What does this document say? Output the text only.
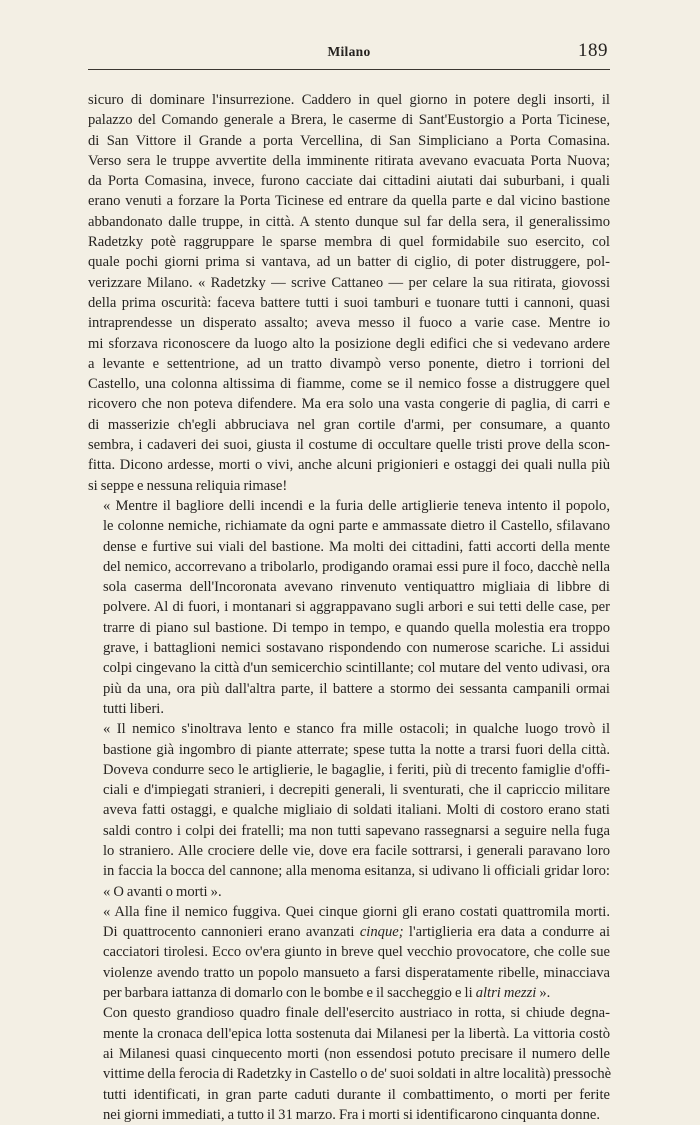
Milano	189

sicuro di dominare l'insurrezione. Caddero in quel giorno in potere degli insorti, il
palazzo del Comando generale a Brera, le caserme di Sant'Eustorgio a Porta Ticinese,
di San Vittore il Grande a porta Vercellina, di San Simpliciano a Porta Comasina.
Verso sera le truppe avvertite della imminente ritirata avevano evacuata Porta Nuova;
da Porta Comasina, invece, furono cacciate dai cittadini aiutati dai suburbani, i quali
erano venuti a forzare la Porta Ticinese ed entrare da quella parte e dal vicino bastione
abbandonato dalle truppe, in città. A stento dunque sul far della sera, il generalissimo
Radetzky potè raggruppare le sparse membra di quel formidabile suo esercito, col
quale pochi giorni prima si vantava, ad un batter di ciglio, di poter distruggere, pol-
verizzare Milano. « Radetzky — scrive Cattaneo — per celare la sua ritirata, giovossi
della prima oscurità: faceva battere tutti i suoi tamburi e tuonare tutti i cannoni, quasi
intraprendesse un disperato assalto; aveva messo il fuoco a varie case. Mentre io
mi sforzava riconoscere da luogo alto la posizione degli edifici che si vedevano ardere
a levante e settentrione, ad un tratto divampò verso ponente, dietro i torrioni del
Castello, una colonna altissima di fiamme, come se il nemico fosse a distruggere quel
ricovero che non poteva difendere. Ma era solo una vasta congerie di paglia, di carri e
di masserizie ch'egli abbruciava nel gran cortile d'armi, per consumare, a quanto
sembra, i cadaveri dei suoi, giusta il costume di occultare quelle tristi prove della scon-
fitta. Dicono ardesse, morti o vivi, anche alcuni prigionieri e ostaggi dei quali nulla più
si seppe e nessuna reliquia rimase!

« Mentre il bagliore delli incendi e la furia delle artiglierie teneva intento il popolo,
le colonne nemiche, richiamate da ogni parte e ammassate dietro il Castello, sfilavano
dense e furtive sui viali del bastione. Ma molti dei cittadini, fatti accorti della mente
del nemico, accorrevano a tribolarlo, prodigando oramai essi pure il foco, dacchè nella
sola caserma dell'Incoronata avevano rinvenuto ventiquattro migliaia di libbre di
polvere. Al di fuori, i montanari si aggrappavano sugli arbori e sui tetti delle case, per
trarre di piano sul bastione. Di tempo in tempo, e quando quella molestia era troppo
grave, i battaglioni nemici sostavano rispondendo con numerose scariche. Li assidui
colpi cingevano la città d'un semicerchio scintillante; col mutare del vento udivasi, ora
più da una, ora più dall'altra parte, il battere a stormo dei sessanta campanili ormai
tutti liberi.

« Il nemico s'inoltrava lento e stanco fra mille ostacoli; in qualche luogo trovò il
bastione già ingombro di piante atterrate; spese tutta la notte a trarsi fuori della città.
Doveva condurre seco le artiglierie, le bagaglie, i feriti, più di trecento famiglie d'offi-
ciali e d'impiegati stranieri, i decrepiti generali, li sventurati, che il capriccio militare
aveva fatti ostaggi, e qualche migliaio di soldati italiani. Molti di costoro erano stati
saldi contro i colpi dei fratelli; ma non tutti sapevano rassegnarsi a seguire nella fuga
lo straniero. Alle crociere delle vie, dove era facile sottrarsi, i generali paravano loro
in faccia la bocca del cannone; alla menoma esitanza, si udivano li officiali gridar loro:
« O avanti o morti ».

« Alla fine il nemico fuggiva. Quei cinque giorni gli erano costati quattromila morti.
Di quattrocento cannonieri erano avanzati cinque; l'artiglieria era data a condurre ai
cacciatori tirolesi. Ecco ov'era giunto in breve quel vecchio provocatore, che colle sue
violenze avendo tratto un popolo mansueto a farsi disperatamente ribelle, minacciava
per barbara iattanza di domarlo con le bombe e il saccheggio e li altri mezzi ».

Con questo grandioso quadro finale dell'esercito austriaco in rotta, si chiude degna-
mente la cronaca dell'epica lotta sostenuta dai Milanesi per la libertà. La vittoria costò
ai Milanesi quasi cinquecento morti (non essendosi potuto precisare il numero delle
vittime della ferocia di Radetzky in Castello o de' suoi soldati in altre località) pressochè
tutti identificati, in gran parte caduti durante il combattimento, o morti per ferite
nei giorni immediati, a tutto il 31 marzo. Fra i morti si identificarono cinquanta donne.
